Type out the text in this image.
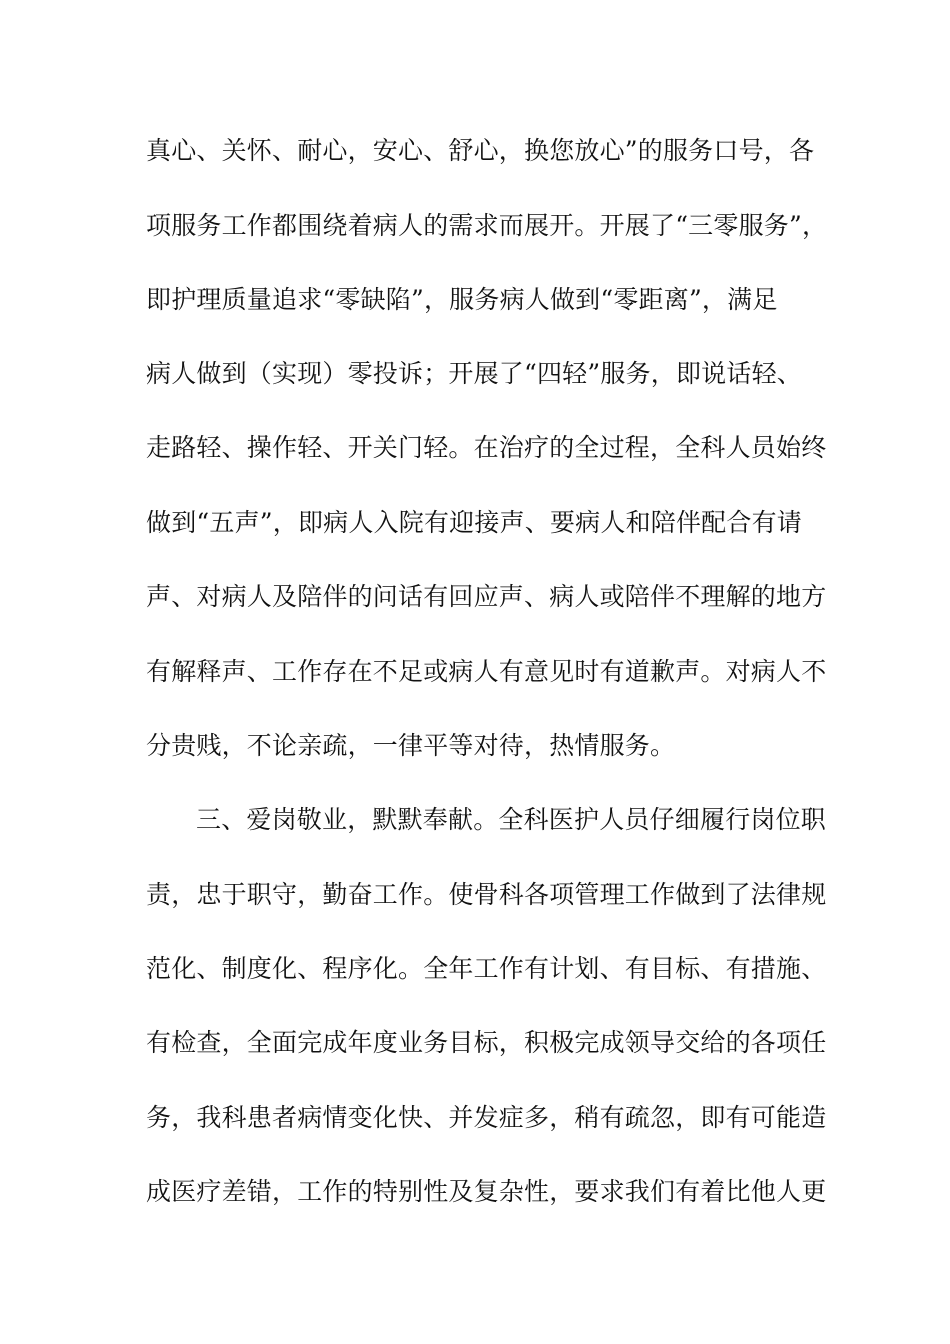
真心、关怀、耐心，安心、舒心，换您放心”的服务口号，各
项服务工作都围绕着病人的需求而展开。开展了“三零服务”，
即护理质量追求“零缺陷”，服务病人做到“零距离”，满足
病人做到（实现）零投诉；开展了“四轻”服务，即说话轻、
走路轻、操作轻、开关门轻。在治疗的全过程，全科人员始终
做到“五声”，即病人入院有迎接声、要病人和陪伴配合有请
声、对病人及陪伴的问话有回应声、病人或陪伴不理解的地方
有解释声、工作存在不足或病人有意见时有道歉声。对病人不
分贵贱，不论亲疏，一律平等对待，热情服务。
三、爱岗敬业，默默奉献。全科医护人员仔细履行岗位职
责，忠于职守，勤奋工作。使骨科各项管理工作做到了法律规
范化、制度化、程序化。全年工作有计划、有目标、有措施、
有检查，全面完成年度业务目标，积极完成领导交给的各项任
务，我科患者病情变化快、并发症多，稍有疏忽，即有可能造
成医疗差错，工作的特别性及复杂性，要求我们有着比他人更
